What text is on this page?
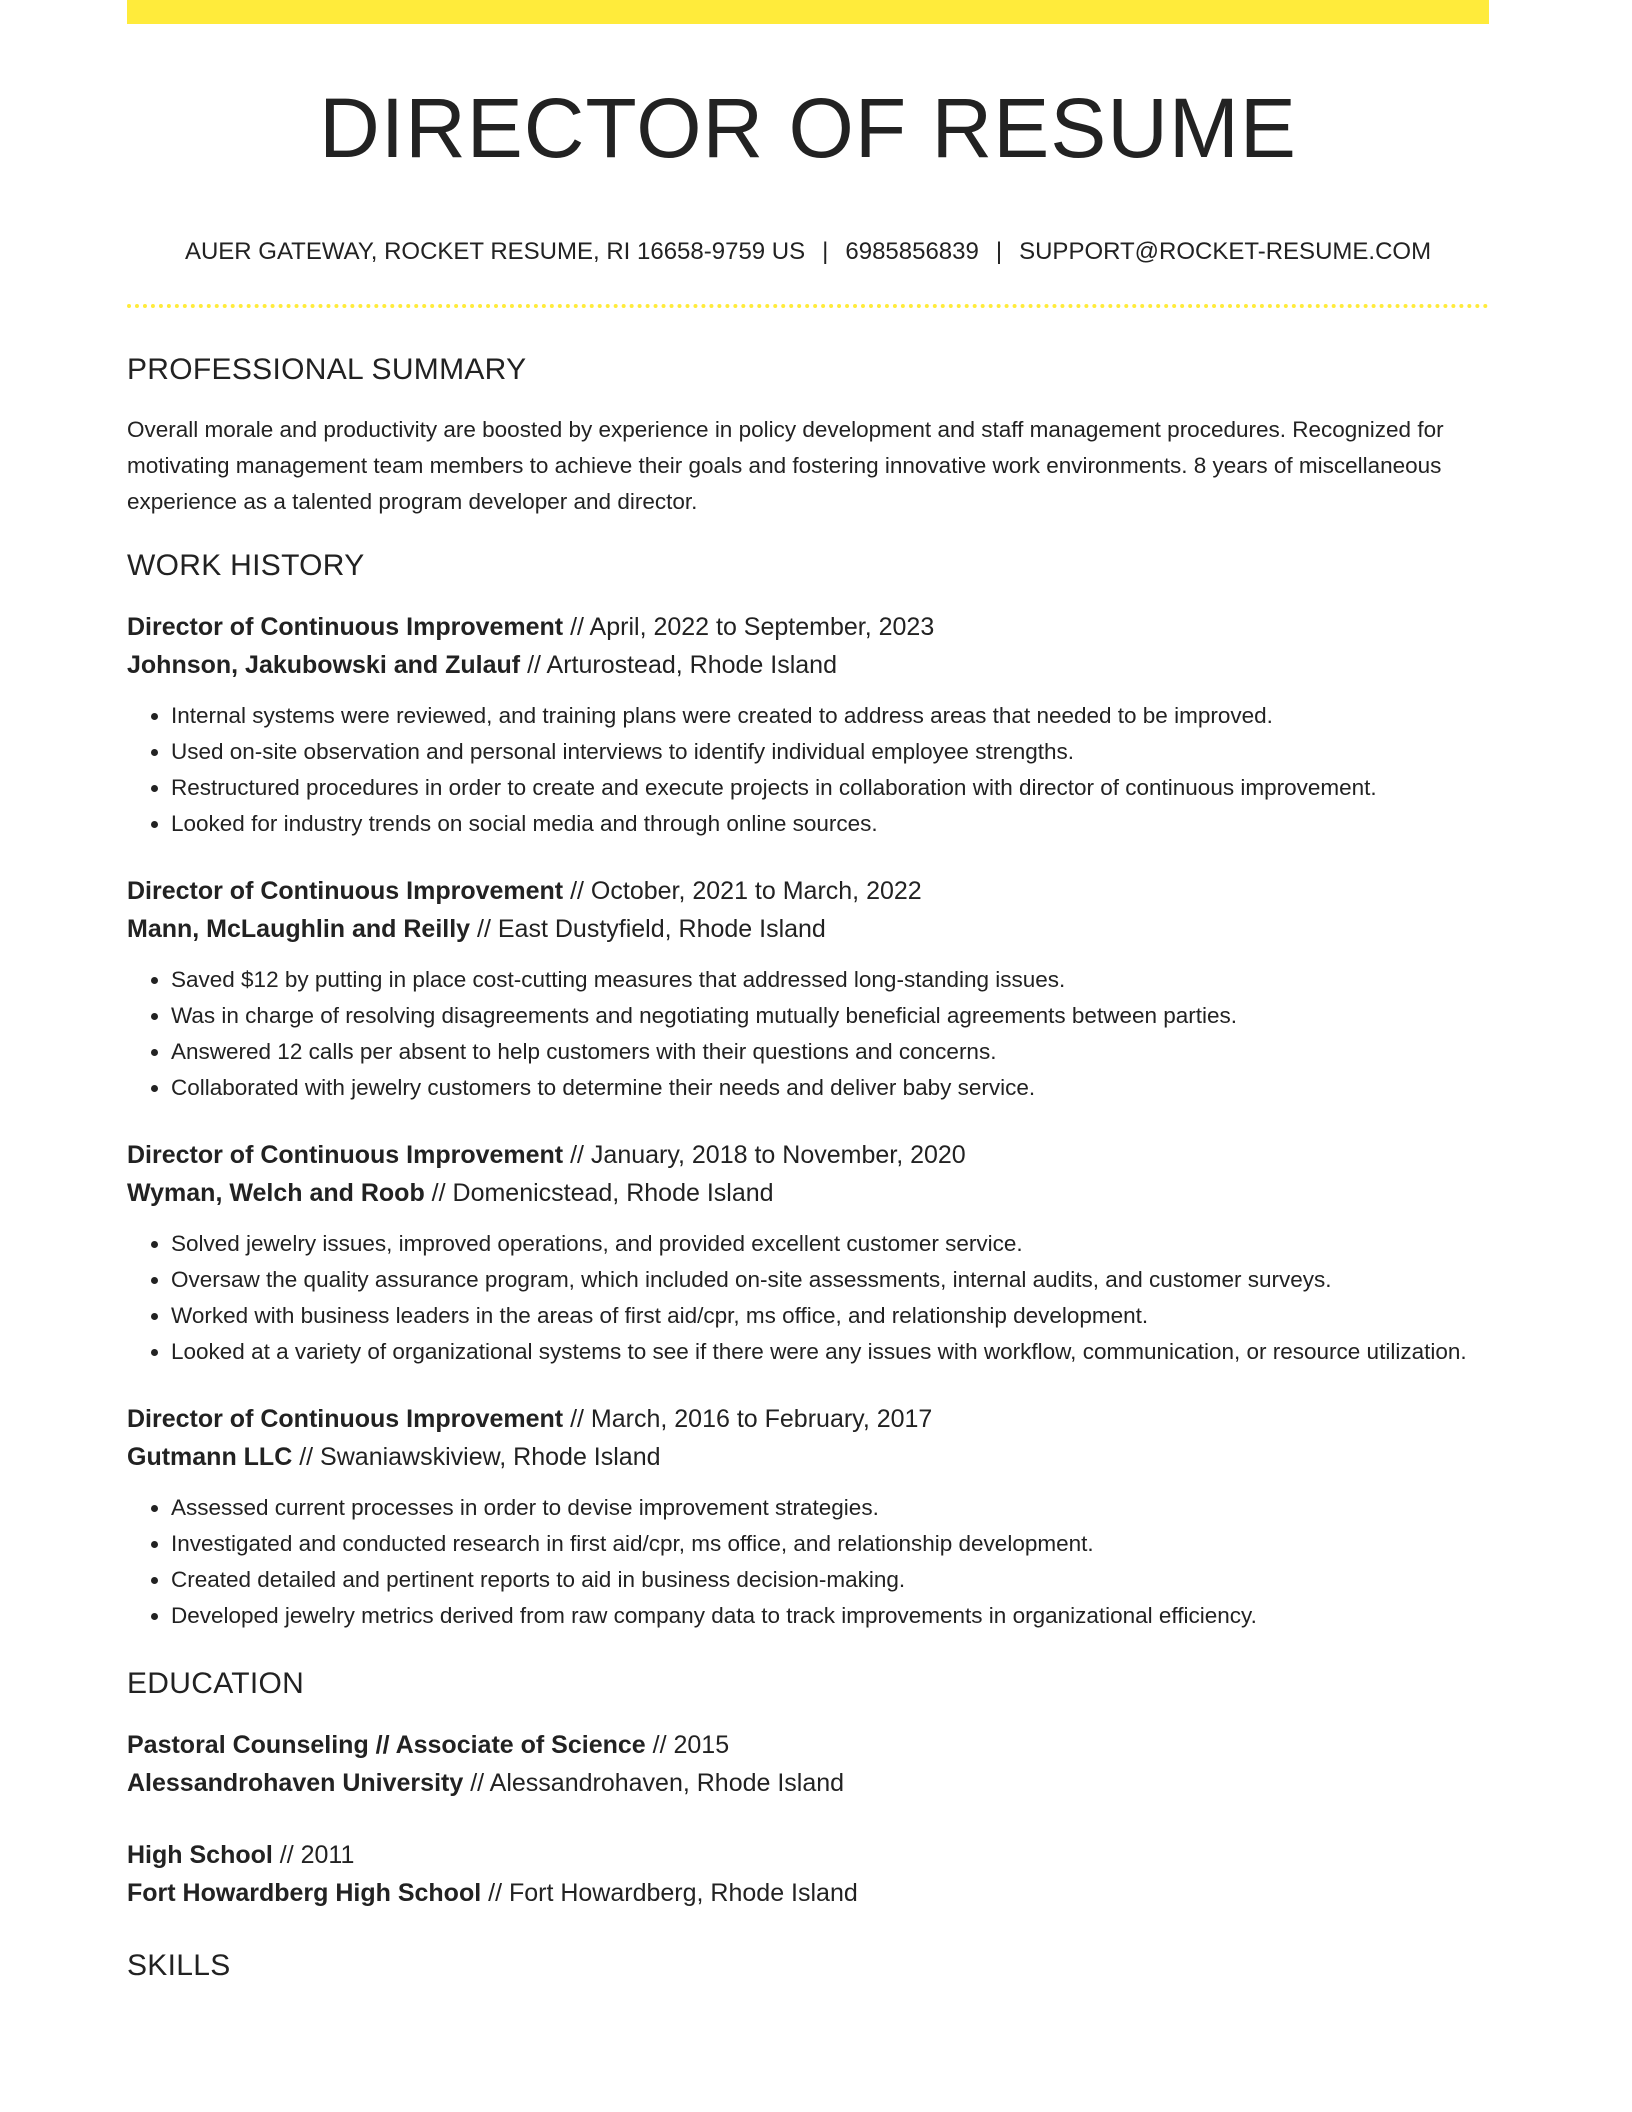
DIRECTOR OF RESUME
AUER GATEWAY, ROCKET RESUME, RI 16658-9759 US | 6985856839 | SUPPORT@ROCKET-RESUME.COM
PROFESSIONAL SUMMARY

Overall morale and productivity are boosted by experience in policy development and staff management procedures. Recognized for motivating management team members to achieve their goals and fostering innovative work environments. 8 years of miscellaneous experience as a talented program developer and director.

WORK HISTORY
Director of Continuous Improvement // April, 2022 to September, 2023
Johnson, Jakubowski and Zulauf // Arturostead, Rhode Island
• Internal systems were reviewed, and training plans were created to address areas that needed to be improved.
• Used on-site observation and personal interviews to identify individual employee strengths.
• Restructured procedures in order to create and execute projects in collaboration with director of continuous improvement.
• Looked for industry trends on social media and through online sources.
Director of Continuous Improvement // October, 2021 to March, 2022
Mann, McLaughlin and Reilly // East Dustyfield, Rhode Island
• Saved $12 by putting in place cost-cutting measures that addressed long-standing issues.
• Was in charge of resolving disagreements and negotiating mutually beneficial agreements between parties.
• Answered 12 calls per absent to help customers with their questions and concerns.
• Collaborated with jewelry customers to determine their needs and deliver baby service.
Director of Continuous Improvement // January, 2018 to November, 2020
Wyman, Welch and Roob // Domenicstead, Rhode Island
• Solved jewelry issues, improved operations, and provided excellent customer service.
• Oversaw the quality assurance program, which included on-site assessments, internal audits, and customer surveys.
• Worked with business leaders in the areas of first aid/cpr, ms office, and relationship development.
• Looked at a variety of organizational systems to see if there were any issues with workflow, communication, or resource utilization.
Director of Continuous Improvement // March, 2016 to February, 2017
Gutmann LLC // Swaniawskiview, Rhode Island
• Assessed current processes in order to devise improvement strategies.
• Investigated and conducted research in first aid/cpr, ms office, and relationship development.
• Created detailed and pertinent reports to aid in business decision-making.
• Developed jewelry metrics derived from raw company data to track improvements in organizational efficiency.
EDUCATION
Pastoral Counseling // Associate of Science // 2015
Alessandrohaven University // Alessandrohaven, Rhode Island
High School // 2011
Fort Howardberg High School // Fort Howardberg, Rhode Island
SKILLS
